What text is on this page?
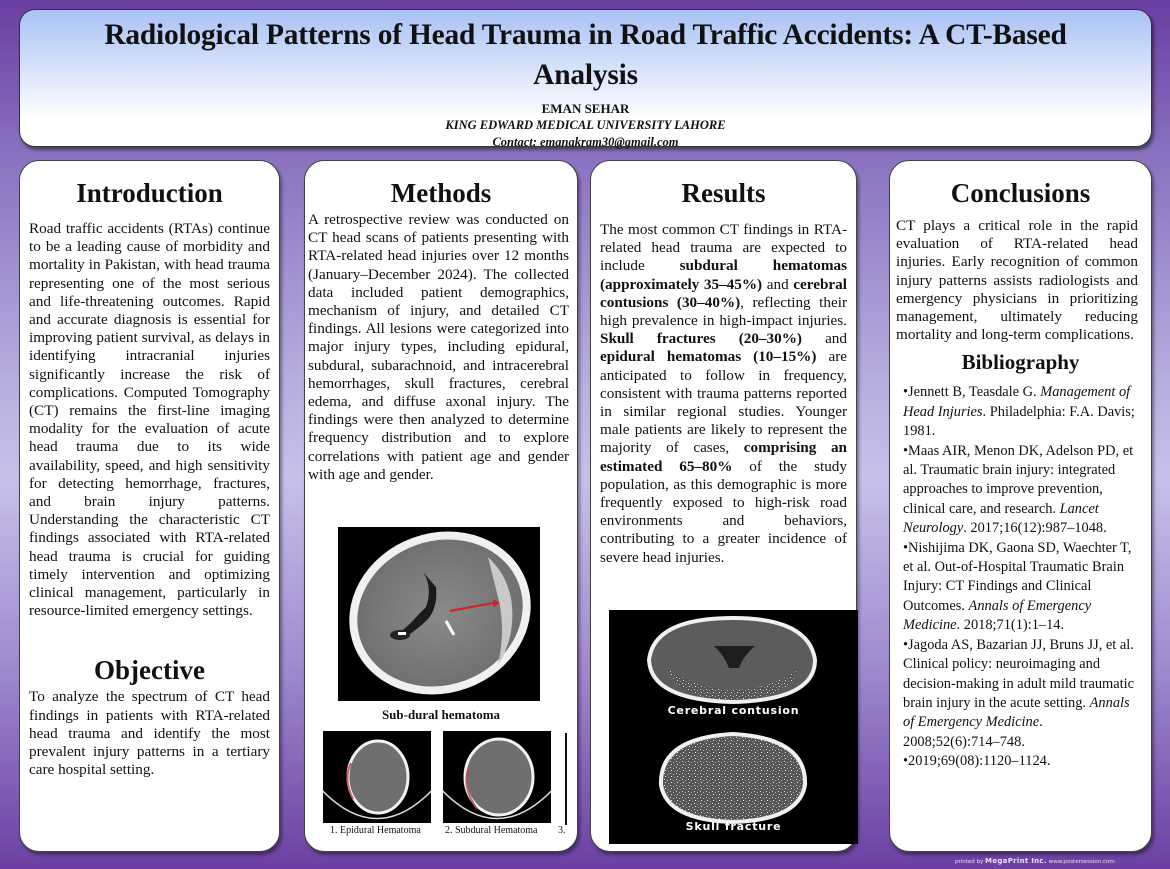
Radiological Patterns of Head Trauma in Road Traffic Accidents: A CT-Based Analysis
EMAN SEHAR
KING EDWARD MEDICAL UNIVERSITY LAHORE
Contact: emanakram30@gmail.com
Introduction

Road traffic accidents (RTAs) continue to be a leading cause of morbidity and mortality in Pakistan, with head trauma representing one of the most serious and life-threatening outcomes. Rapid and accurate diagnosis is essential for improving patient survival, as delays in identifying intracranial injuries significantly increase the risk of complications. Computed Tomography (CT) remains the first-line imaging modality for the evaluation of acute head trauma due to its wide availability, speed, and high sensitivity for detecting hemorrhage, fractures, and brain injury patterns. Understanding the characteristic CT findings associated with RTA-related head trauma is crucial for guiding timely intervention and optimizing clinical management, particularly in resource-limited emergency settings.

Objective

To analyze the spectrum of CT head findings in patients with RTA-related head trauma and identify the most prevalent injury patterns in a tertiary care hospital setting.

Methods

A retrospective review was conducted on CT head scans of patients presenting with RTA-related head injuries over 12 months (January–December 2024). The collected data included patient demographics, mechanism of injury, and detailed CT findings. All lesions were categorized into major injury types, including epidural, subdural, subarachnoid, and intracerebral hemorrhages, skull fractures, cerebral edema, and diffuse axonal injury. The findings were then analyzed to determine frequency distribution and to explore correlations with patient age and gender with age and gender.

Sub-dural hematoma
1. Epidural Hematoma 2. Subdural Hematoma 3.
Results

The most common CT findings in RTA-related head trauma are expected to include subdural hematomas (approximately 35–45%) and cerebral contusions (30–40%), reflecting their high prevalence in high-impact injuries. Skull fractures (20–30%) and epidural hematomas (10–15%) are anticipated to follow in frequency, consistent with trauma patterns reported in similar regional studies. Younger male patients are likely to represent the majority of cases, comprising an estimated 65–80% of the study population, as this demographic is more frequently exposed to high-risk road environments and behaviors, contributing to a greater incidence of severe head injuries.

Cerebral contusion
Skull fracture
Conclusions

CT plays a critical role in the rapid evaluation of RTA-related head injuries. Early recognition of common injury patterns assists radiologists and emergency physicians in prioritizing management, ultimately reducing mortality and long-term complications.

Bibliography
•Jennett B, Teasdale G. Management of Head Injuries. Philadelphia: F.A. Davis; 1981.
•Maas AIR, Menon DK, Adelson PD, et al. Traumatic brain injury: integrated approaches to improve prevention, clinical care, and research. Lancet Neurology. 2017;16(12):987–1048.
•Nishijima DK, Gaona SD, Waechter T, et al. Out-of-Hospital Traumatic Brain Injury: CT Findings and Clinical Outcomes. Annals of Emergency Medicine. 2018;71(1):1–14.
•Jagoda AS, Bazarian JJ, Bruns JJ, et al. Clinical policy: neuroimaging and decision-making in adult mild traumatic brain injury in the acute setting. Annals of Emergency Medicine. 2008;52(6):714–748.
•2019;69(08):1120–1124.
printed by MegaPrint Inc. www.postersession.com
